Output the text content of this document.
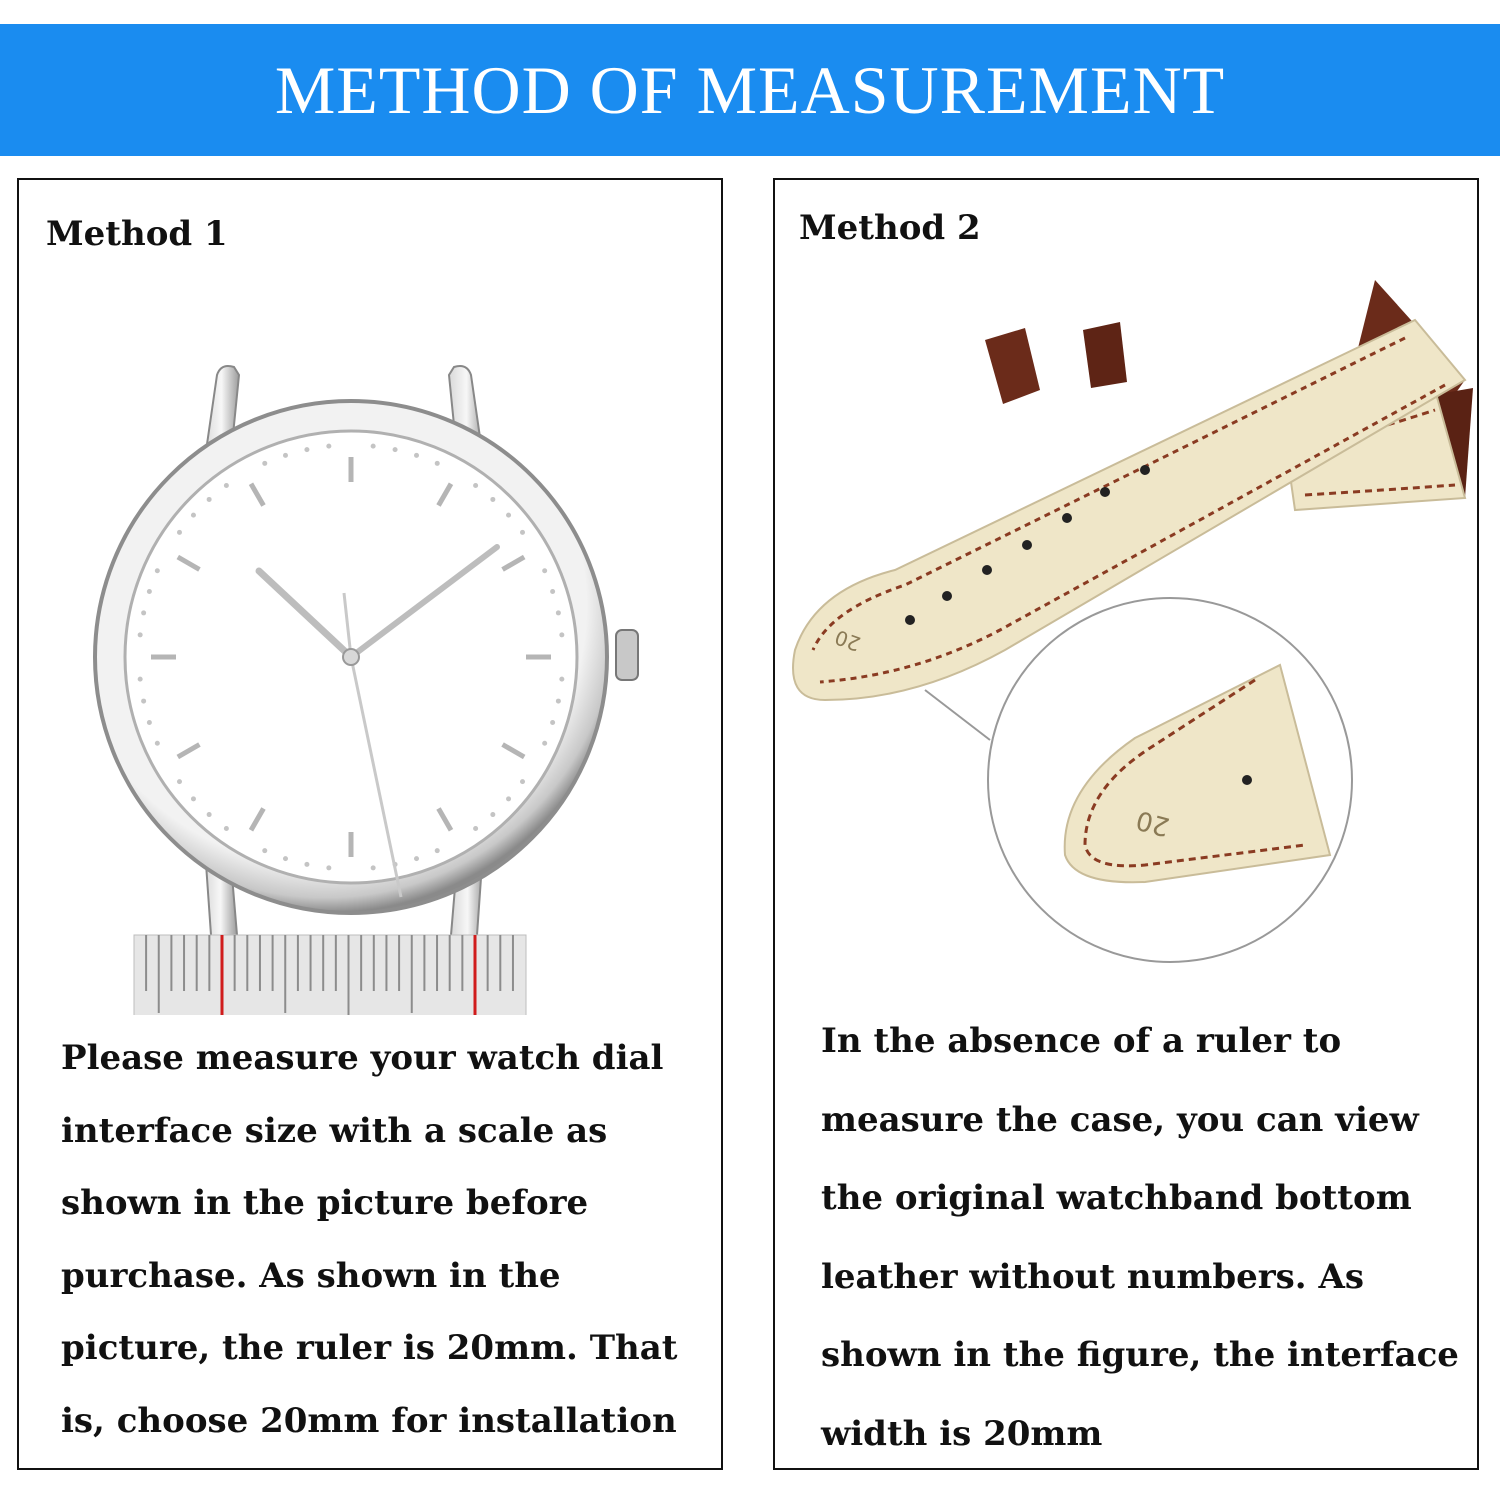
METHOD OF MEASUREMENT
Method 1

Please measure your watch dial interface size with a scale as shown in the picture before purchase. As shown in the picture, the ruler is 20mm. That is, choose 20mm for installation

Method 2
20
20

In the absence of a ruler to measure the case, you can view the original watchband bottom leather without numbers. As shown in the figure, the interface width is 20mm
